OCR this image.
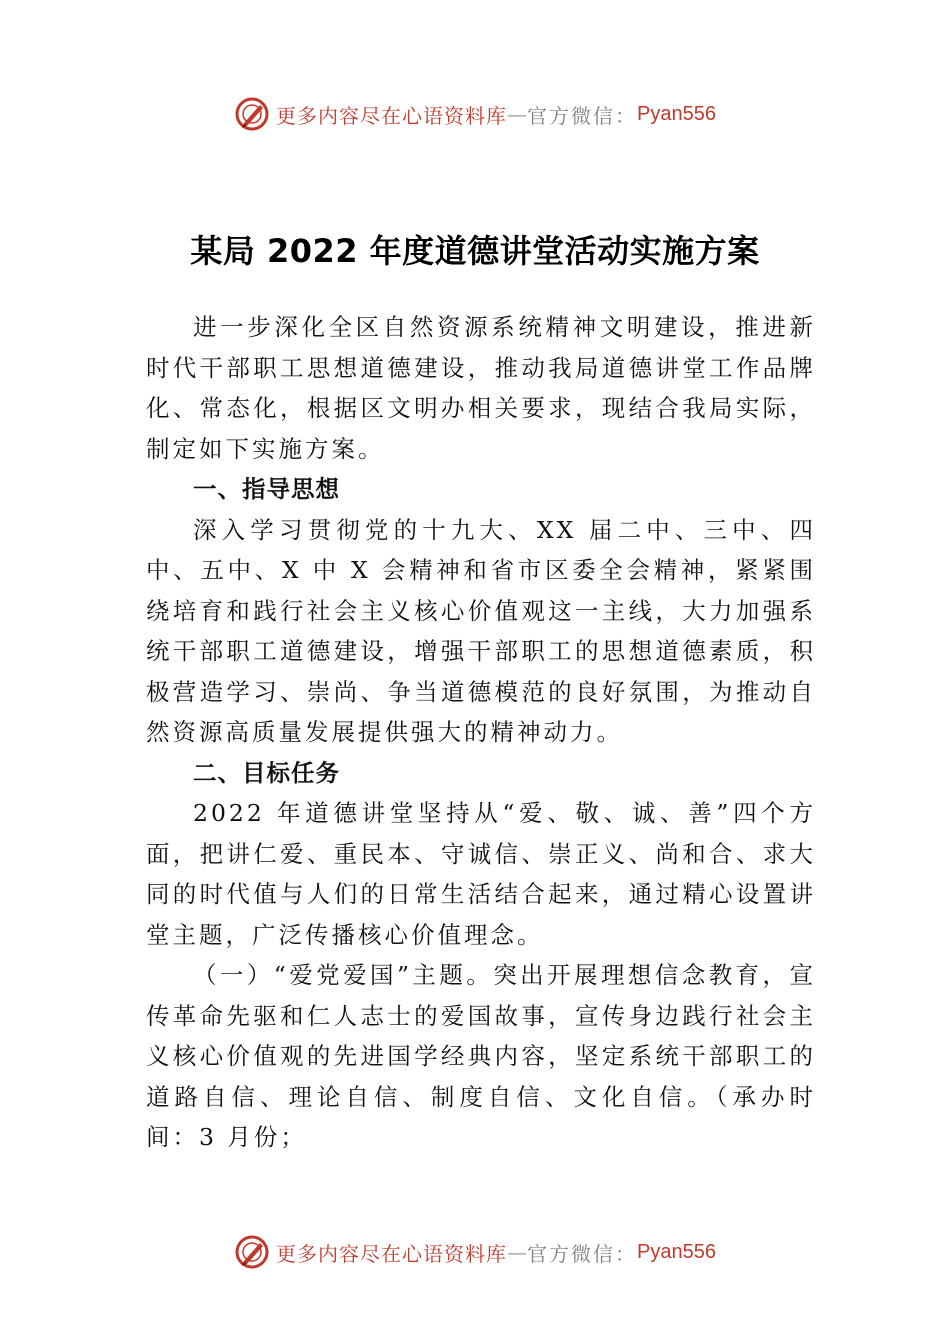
更多内容尽在心语资料库 — 官方微信： Pyan556
某局 2022 年度道德讲堂活动实施方案

进一步深化全区自然资源系统精神文明建设，推进新时代干部职工思想道德建设，推动我局道德讲堂工作品牌化、常态化，根据区文明办相关要求，现结合我局实际，制定如下实施方案。

一、指导思想

深入学习贯彻党的十九大、XX 届二中、三中、四中、五中、X 中 X 会精神和省市区委全会精神，紧紧围绕培育和践行社会主义核心价值观这一主线，大力加强系统干部职工道德建设，增强干部职工的思想道德素质，积极营造学习、崇尚、争当道德模范的良好氛围，为推动自然资源高质量发展提供强大的精神动力。

二、目标任务

2022 年道德讲堂坚持从“爱、敬、诚、善”四个方面，把讲仁爱、重民本、守诚信、崇正义、尚和合、求大同的时代值与人们的日常生活结合起来，通过精心设置讲堂主题，广泛传播核心价值理念。

（一）“爱党爱国”主题。突出开展理想信念教育，宣传革命先驱和仁人志士的爱国故事，宣传身边践行社会主义核心价值观的先进国学经典内容，坚定系统干部职工的道路自信、理论自信、制度自信、文化自信。（承办时间：3 月份；

更多内容尽在心语资料库 — 官方微信： Pyan556
